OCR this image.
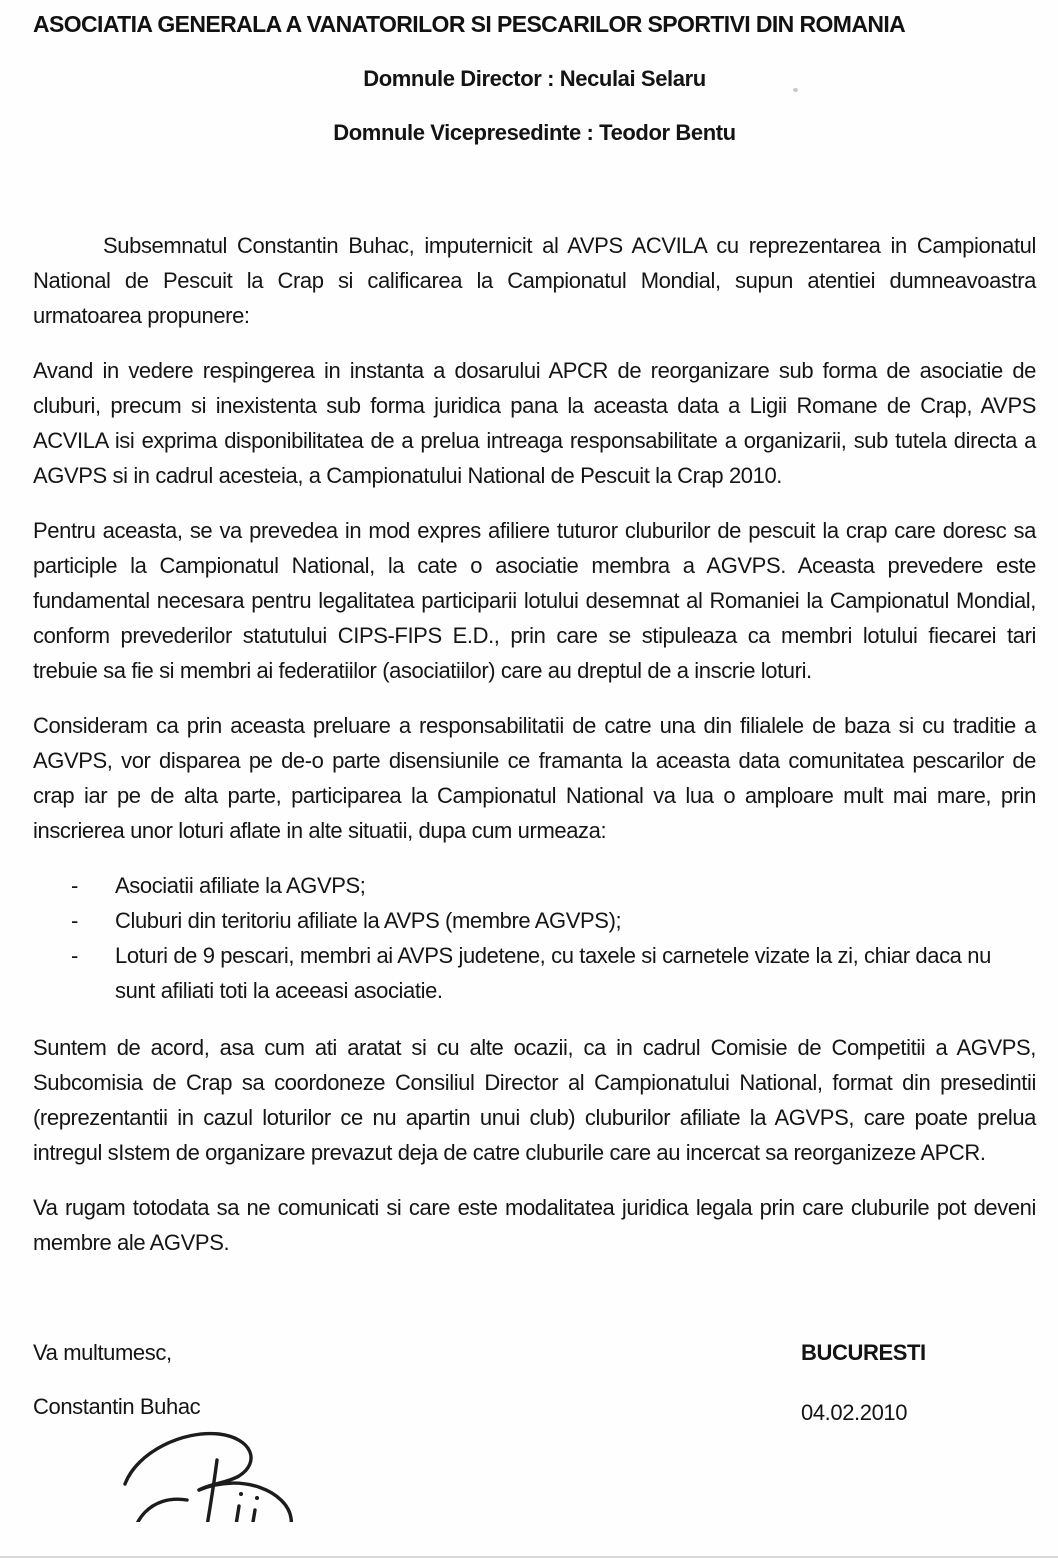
ASOCIATIA GENERALA A VANATORILOR SI PESCARILOR SPORTIVI DIN ROMANIA
Domnule Director : Neculai Selaru
Domnule Vicepresedinte : Teodor Bentu

Subsemnatul Constantin Buhac, imputernicit al AVPS ACVILA cu reprezentarea in Campionatul National de Pescuit la Crap si calificarea la Campionatul Mondial, supun atentiei dumneavoastra urmatoarea propunere:

Avand in vedere respingerea in instanta a dosarului APCR de reorganizare sub forma de asociatie de cluburi, precum si inexistenta sub forma juridica pana la aceasta data a Ligii Romane de Crap, AVPS ACVILA isi exprima disponibilitatea de a prelua intreaga responsabilitate a organizarii, sub tutela directa a AGVPS si in cadrul acesteia, a Campionatului National de Pescuit la Crap 2010.

Pentru aceasta, se va prevedea in mod expres afiliere tuturor cluburilor de pescuit la crap care doresc sa participle la Campionatul National, la cate o asociatie membra a AGVPS. Aceasta prevedere este fundamental necesara pentru legalitatea participarii lotului desemnat al Romaniei la Campionatul Mondial, conform prevederilor statutului CIPS-FIPS E.D., prin care se stipuleaza ca membri lotului fiecarei tari trebuie sa fie si membri ai federatiilor (asociatiilor) care au dreptul de a inscrie loturi.

Consideram ca prin aceasta preluare a responsabilitatii de catre una din filialele de baza si cu traditie a AGVPS, vor disparea pe de-o parte disensiunile ce framanta la aceasta data comunitatea pescarilor de crap iar pe de alta parte, participarea la Campionatul National va lua o amploare mult mai mare, prin inscrierea unor loturi aflate in alte situatii, dupa cum urmeaza:

- Asociatii afiliate la AGVPS;
- Cluburi din teritoriu afiliate la AVPS (membre AGVPS);
- Loturi de 9 pescari, membri ai AVPS judetene, cu taxele si carnetele vizate la zi, chiar daca nu sunt afiliati toti la aceeasi asociatie.

Suntem de acord, asa cum ati aratat si cu alte ocazii, ca in cadrul Comisie de Competitii a AGVPS, Subcomisia de Crap sa coordoneze Consiliul Director al Campionatului National, format din presedintii (reprezentantii in cazul loturilor ce nu apartin unui club) cluburilor afiliate la AGVPS, care poate prelua intregul sIstem de organizare prevazut deja de catre cluburile care au incercat sa reorganizeze APCR.

Va rugam totodata sa ne comunicati si care este modalitatea juridica legala prin care cluburile pot deveni membre ale AGVPS.

Va multumesc,
Constantin Buhac
BUCURESTI
04.02.2010
